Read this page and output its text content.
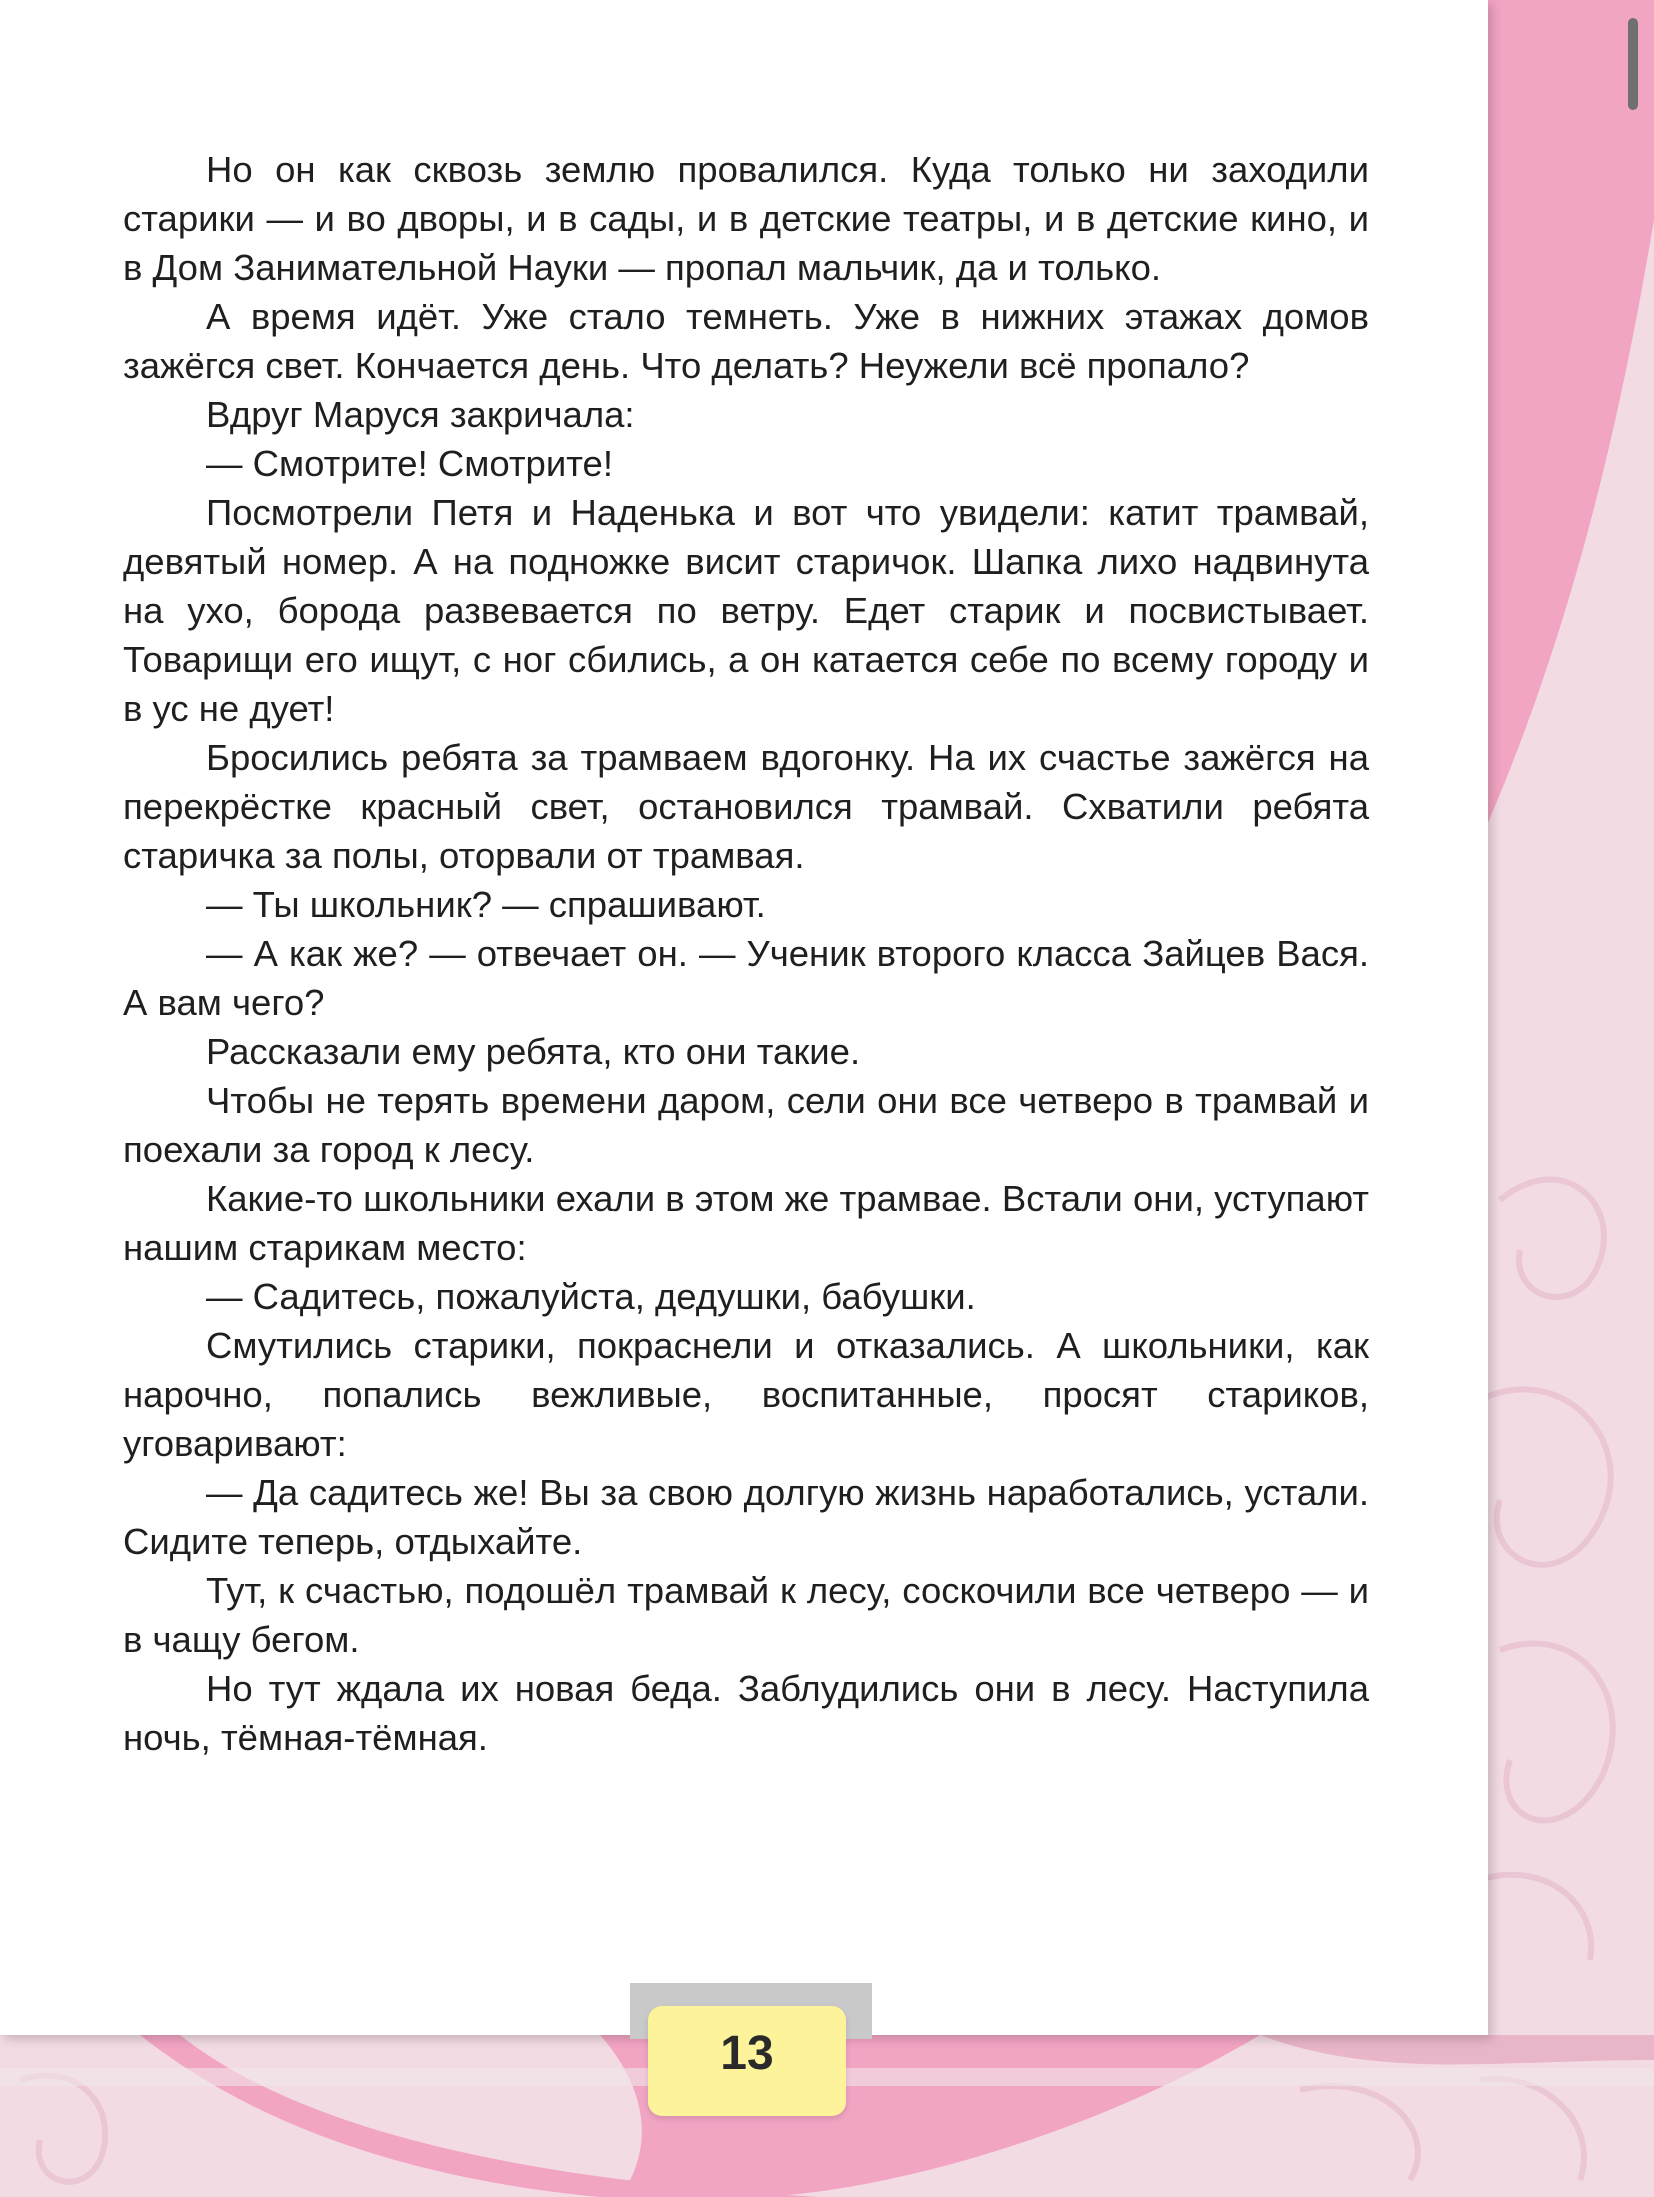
Но он как сквозь землю провалился. Куда только ни заходили старики — и во дворы, и в сады, и в детские театры, и в детские кино, и в Дом Занимательной Науки — пропал мальчик, да и только.

А время идёт. Уже стало темнеть. Уже в нижних этажах домов зажёгся свет. Кончается день. Что делать? Неужели всё пропало?

Вдруг Маруся закричала:

— Смотрите! Смотрите!

Посмотрели Петя и Наденька и вот что увидели: катит трамвай, девятый номер. А на подножке висит старичок. Шапка лихо надвинута на ухо, борода развевается по ветру. Едет старик и посвистывает. Товарищи его ищут, с ног сбились, а он катается себе по всему городу и в ус не дует!

Бросились ребята за трамваем вдогонку. На их счастье зажёгся на перекрёстке красный свет, остановился трамвай. Схватили ребята старичка за полы, оторвали от трамвая.

— Ты школьник? — спрашивают.

— А как же? — отвечает он. — Ученик второго класса Зайцев Вася. А вам чего?

Рассказали ему ребята, кто они такие.

Чтобы не терять времени даром, сели они все четверо в трамвай и поехали за город к лесу.

Какие-то школьники ехали в этом же трамвае. Встали они, уступают нашим старикам место:

— Садитесь, пожалуйста, дедушки, бабушки.

Смутились старики, покраснели и отказались. А школьники, как нарочно, попались вежливые, воспитанные, просят стариков, уговаривают:

— Да садитесь же! Вы за свою долгую жизнь наработались, устали. Сидите теперь, отдыхайте.

Тут, к счастью, подошёл трамвай к лесу, соскочили все четверо — и в чащу бегом.

Но тут ждала их новая беда. Заблудились они в лесу. Наступила ночь, тёмная-тёмная.

13
